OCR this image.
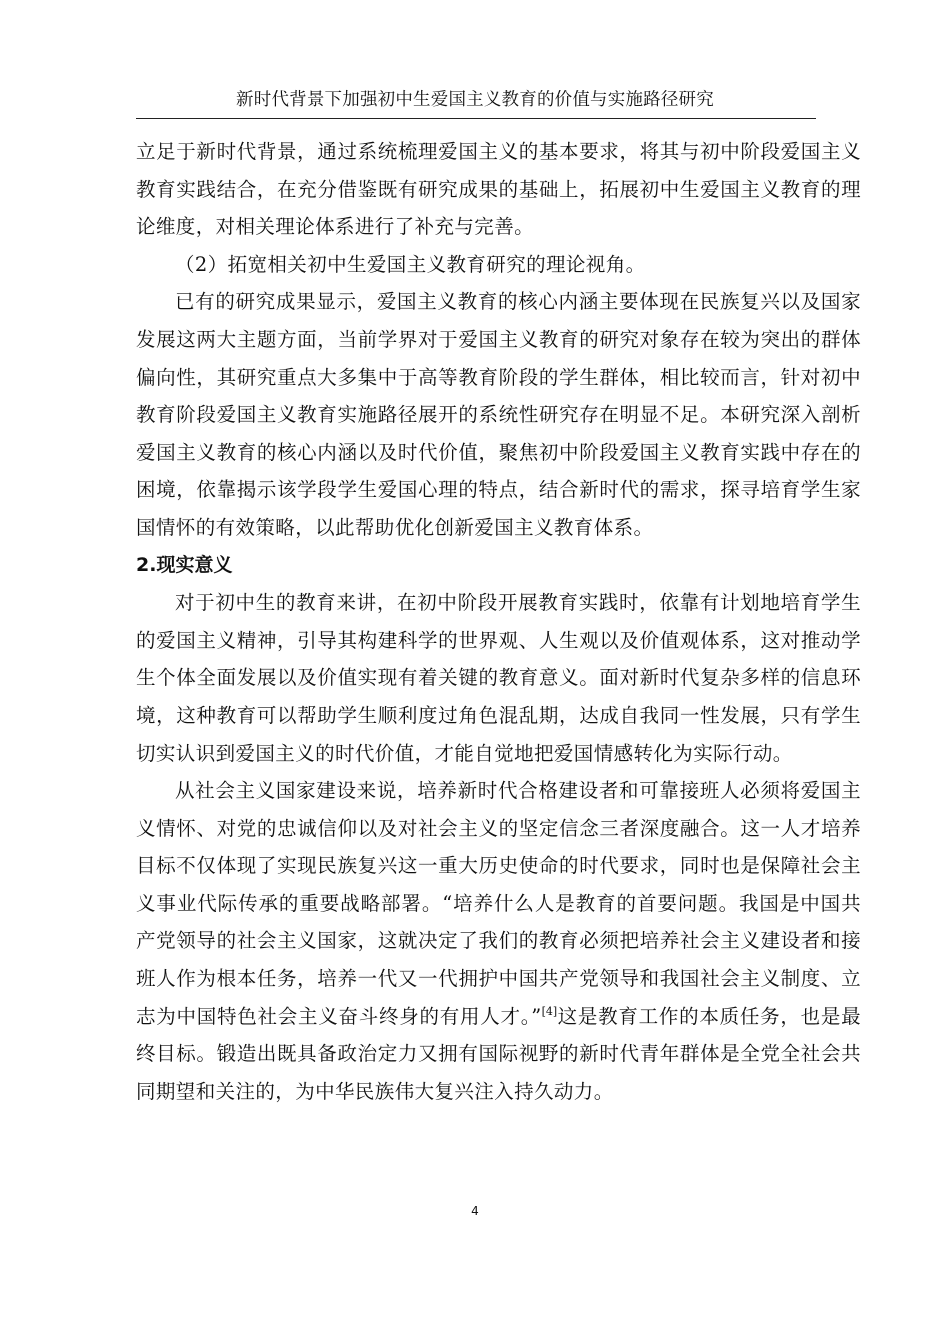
新时代背景下加强初中生爱国主义教育的价值与实施路径研究

立足于新时代背景，通过系统梳理爱国主义的基本要求，将其与初中阶段爱国主义教育实践结合，在充分借鉴既有研究成果的基础上，拓展初中生爱国主义教育的理论维度，对相关理论体系进行了补充与完善。

（2）拓宽相关初中生爱国主义教育研究的理论视角。

已有的研究成果显示，爱国主义教育的核心内涵主要体现在民族复兴以及国家发展这两大主题方面，当前学界对于爱国主义教育的研究对象存在较为突出的群体偏向性，其研究重点大多集中于高等教育阶段的学生群体，相比较而言，针对初中教育阶段爱国主义教育实施路径展开的系统性研究存在明显不足。本研究深入剖析爱国主义教育的核心内涵以及时代价值，聚焦初中阶段爱国主义教育实践中存在的困境，依靠揭示该学段学生爱国心理的特点，结合新时代的需求，探寻培育学生家国情怀的有效策略，以此帮助优化创新爱国主义教育体系。

2.现实意义

对于初中生的教育来讲，在初中阶段开展教育实践时，依靠有计划地培育学生的爱国主义精神，引导其构建科学的世界观、人生观以及价值观体系，这对推动学生个体全面发展以及价值实现有着关键的教育意义。面对新时代复杂多样的信息环境，这种教育可以帮助学生顺利度过角色混乱期，达成自我同一性发展，只有学生切实认识到爱国主义的时代价值，才能自觉地把爱国情感转化为实际行动。

从社会主义国家建设来说，培养新时代合格建设者和可靠接班人必须将爱国主义情怀、对党的忠诚信仰以及对社会主义的坚定信念三者深度融合。这一人才培养目标不仅体现了实现民族复兴这一重大历史使命的时代要求，同时也是保障社会主义事业代际传承的重要战略部署。“培养什么人是教育的首要问题。我国是中国共产党领导的社会主义国家，这就决定了我们的教育必须把培养社会主义建设者和接班人作为根本任务，培养一代又一代拥护中国共产党领导和我国社会主义制度、立志为中国特色社会主义奋斗终身的有用人才。”[4]这是教育工作的本质任务，也是最终目标。锻造出既具备政治定力又拥有国际视野的新时代青年群体是全党全社会共同期望和关注的，为中华民族伟大复兴注入持久动力。

4
